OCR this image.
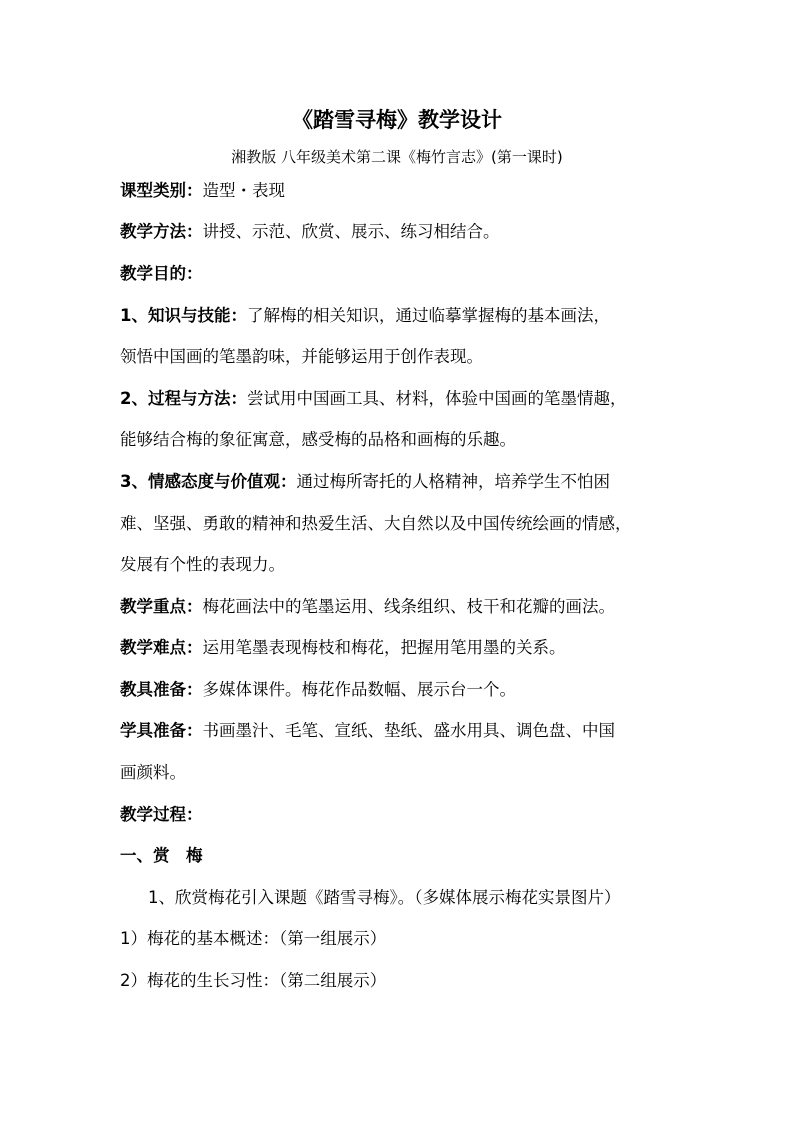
《踏雪寻梅》教学设计
湘教版 八年级美术第二课《梅竹言志》(第一课时)
课型类别：造型・表现
教学方法：讲授、示范、欣赏、展示、练习相结合。
教学目的：
1、知识与技能：了解梅的相关知识，通过临摹掌握梅的基本画法，
领悟中国画的笔墨韵味，并能够运用于创作表现。
2、过程与方法：尝试用中国画工具、材料，体验中国画的笔墨情趣，
能够结合梅的象征寓意，感受梅的品格和画梅的乐趣。
3、情感态度与价值观：通过梅所寄托的人格精神，培养学生不怕困
难、坚强、勇敢的精神和热爱生活、大自然以及中国传统绘画的情感，
发展有个性的表现力。
教学重点：梅花画法中的笔墨运用、线条组织、枝干和花瓣的画法。
教学难点：运用笔墨表现梅枝和梅花，把握用笔用墨的关系。
教具准备：多媒体课件。梅花作品数幅、展示台一个。
学具准备：书画墨汁、毛笔、宣纸、垫纸、盛水用具、调色盘、中国
画颜料。
教学过程：
一、赏　梅
1、欣赏梅花引入课题《踏雪寻梅》。（多媒体展示梅花实景图片）
1）梅花的基本概述：（第一组展示）
2）梅花的生长习性：（第二组展示）
